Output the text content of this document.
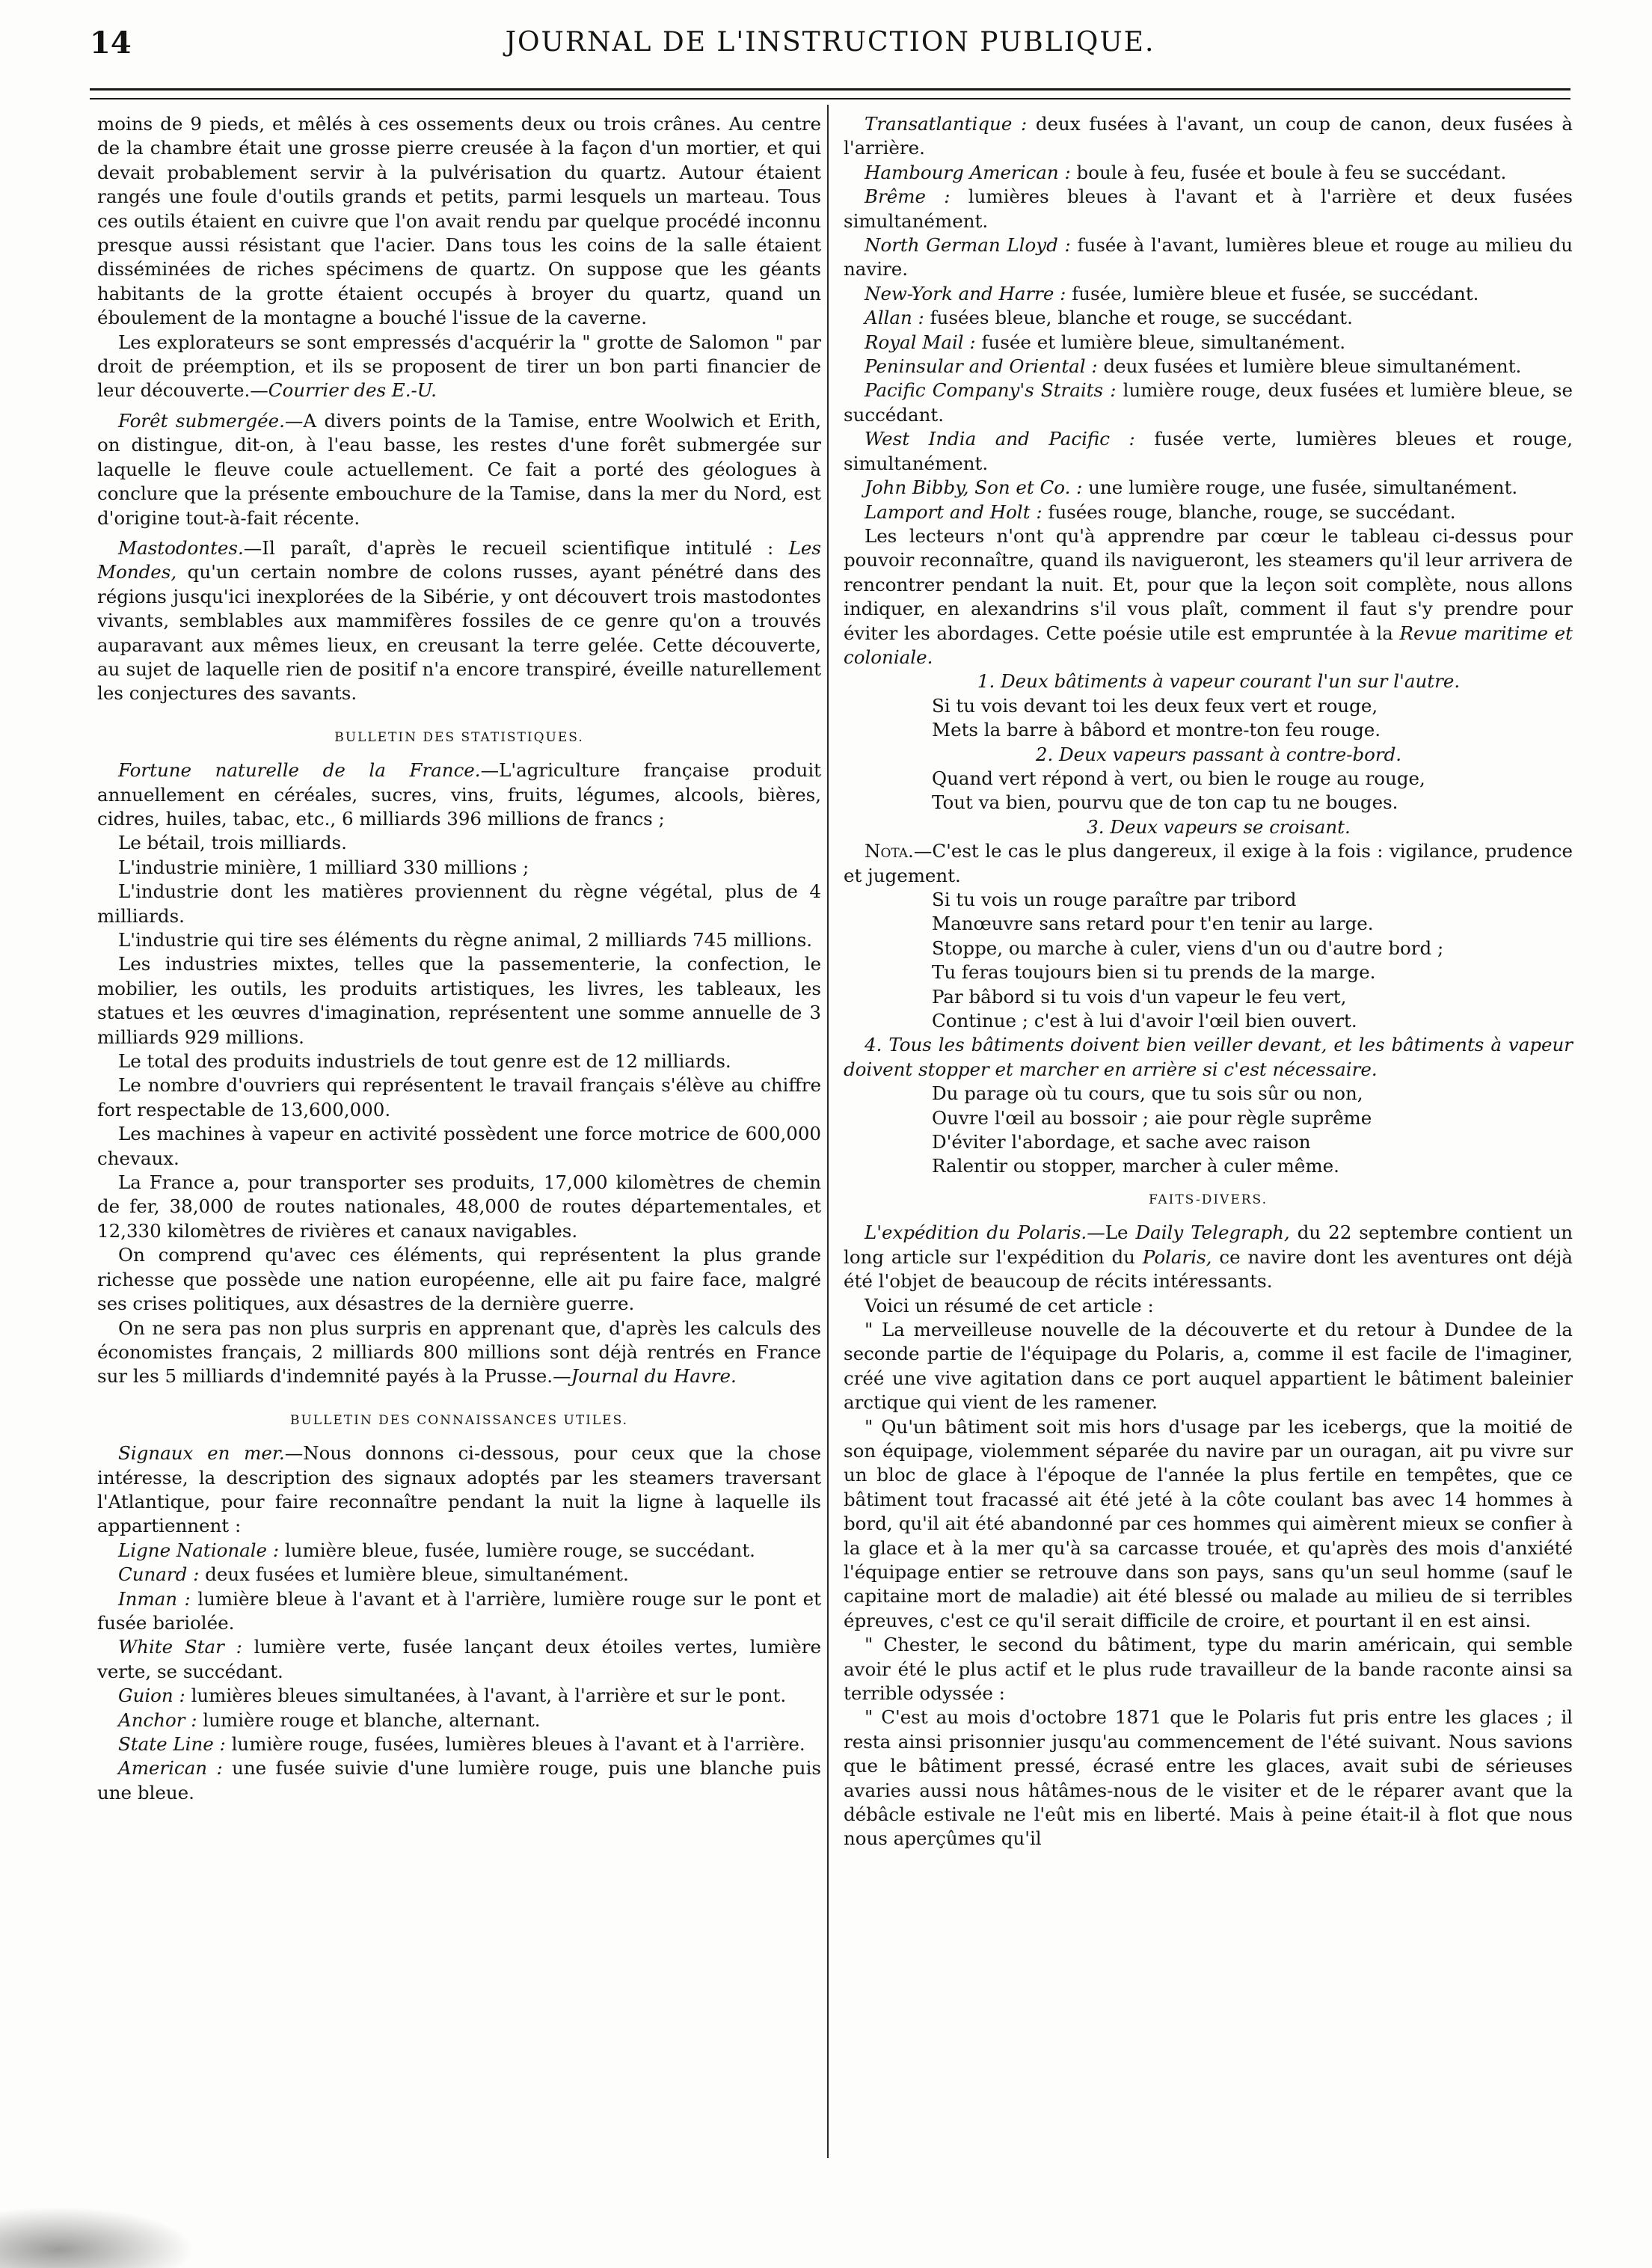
14	JOURNAL DE L'INSTRUCTION PUBLIQUE.

moins de 9 pieds, et mêlés à ces ossements deux ou trois crânes. Au centre de la chambre était une grosse pierre creusée à la façon d'un mortier, et qui devait probablement servir à la pulvérisation du quartz. Autour étaient rangés une foule d'outils grands et petits, parmi lesquels un marteau. Tous ces outils étaient en cuivre que l'on avait rendu par quelque procédé inconnu presque aussi résistant que l'acier. Dans tous les coins de la salle étaient disséminées de riches spécimens de quartz. On suppose que les géants habitants de la grotte étaient occupés à broyer du quartz, quand un éboulement de la montagne a bouché l'issue de la caverne.

Les explorateurs se sont empressés d'acquérir la " grotte de Salomon " par droit de préemption, et ils se proposent de tirer un bon parti financier de leur découverte.—Courrier des E.-U.

Forêt submergée.—A divers points de la Tamise, entre Woolwich et Erith, on distingue, dit-on, à l'eau basse, les restes d'une forêt submergée sur laquelle le fleuve coule actuellement. Ce fait a porté des géologues à conclure que la présente embouchure de la Tamise, dans la mer du Nord, est d'origine tout-à-fait récente.

Mastodontes.—Il paraît, d'après le recueil scientifique intitulé : Les Mondes, qu'un certain nombre de colons russes, ayant pénétré dans des régions jusqu'ici inexplorées de la Sibérie, y ont découvert trois mastodontes vivants, semblables aux mammifères fossiles de ce genre qu'on a trouvés auparavant aux mêmes lieux, en creusant la terre gelée. Cette découverte, au sujet de laquelle rien de positif n'a encore transpiré, éveille naturellement les conjectures des savants.

BULLETIN DES STATISTIQUES.

Fortune naturelle de la France.—L'agriculture française produit annuellement en céréales, sucres, vins, fruits, légumes, alcools, bières, cidres, huiles, tabac, etc., 6 milliards 396 millions de francs ;

Le bétail, trois milliards.

L'industrie minière, 1 milliard 330 millions ;

L'industrie dont les matières proviennent du règne végétal, plus de 4 milliards.

L'industrie qui tire ses éléments du règne animal, 2 milliards 745 millions.

Les industries mixtes, telles que la passementerie, la confection, le mobilier, les outils, les produits artistiques, les livres, les tableaux, les statues et les œuvres d'imagination, représentent une somme annuelle de 3 milliards 929 millions.

Le total des produits industriels de tout genre est de 12 milliards.

Le nombre d'ouvriers qui représentent le travail français s'élève au chiffre fort respectable de 13,600,000.

Les machines à vapeur en activité possèdent une force motrice de 600,000 chevaux.

La France a, pour transporter ses produits, 17,000 kilomètres de chemin de fer, 38,000 de routes nationales, 48,000 de routes départementales, et 12,330 kilomètres de rivières et canaux navigables.

On comprend qu'avec ces éléments, qui représentent la plus grande richesse que possède une nation européenne, elle ait pu faire face, malgré ses crises politiques, aux désastres de la dernière guerre.

On ne sera pas non plus surpris en apprenant que, d'après les calculs des économistes français, 2 milliards 800 millions sont déjà rentrés en France sur les 5 milliards d'indemnité payés à la Prusse.—Journal du Havre.

BULLETIN DES CONNAISSANCES UTILES.

Signaux en mer.—Nous donnons ci-dessous, pour ceux que la chose intéresse, la description des signaux adoptés par les steamers traversant l'Atlantique, pour faire reconnaître pendant la nuit la ligne à laquelle ils appartiennent :

Ligne Nationale : lumière bleue, fusée, lumière rouge, se succédant.

Cunard : deux fusées et lumière bleue, simultanément.

Inman : lumière bleue à l'avant et à l'arrière, lumière rouge sur le pont et fusée bariolée.

White Star : lumière verte, fusée lançant deux étoiles vertes, lumière verte, se succédant.

Guion : lumières bleues simultanées, à l'avant, à l'arrière et sur le pont.

Anchor : lumière rouge et blanche, alternant.

State Line : lumière rouge, fusées, lumières bleues à l'avant et à l'arrière.

American : une fusée suivie d'une lumière rouge, puis une blanche puis une bleue.

Transatlantique : deux fusées à l'avant, un coup de canon, deux fusées à l'arrière.

Hambourg American : boule à feu, fusée et boule à feu se succédant.

Brême : lumières bleues à l'avant et à l'arrière et deux fusées simultanément.

North German Lloyd : fusée à l'avant, lumières bleue et rouge au milieu du navire.

New-York and Harre : fusée, lumière bleue et fusée, se succédant.

Allan : fusées bleue, blanche et rouge, se succédant.

Royal Mail : fusée et lumière bleue, simultanément.

Peninsular and Oriental : deux fusées et lumière bleue simultanément.

Pacific Company's Straits : lumière rouge, deux fusées et lumière bleue, se succédant.

West India and Pacific : fusée verte, lumières bleues et rouge, simultanément.

John Bibby, Son et Co. : une lumière rouge, une fusée, simultanément.

Lamport and Holt : fusées rouge, blanche, rouge, se succédant.

Les lecteurs n'ont qu'à apprendre par cœur le tableau ci-dessus pour pouvoir reconnaître, quand ils navigueront, les steamers qu'il leur arrivera de rencontrer pendant la nuit. Et, pour que la leçon soit complète, nous allons indiquer, en alexandrins s'il vous plaît, comment il faut s'y prendre pour éviter les abordages. Cette poésie utile est empruntée à la Revue maritime et coloniale.

1. Deux bâtiments à vapeur courant l'un sur l'autre.

Si tu vois devant toi les deux feux vert et rouge,

Mets la barre à bâbord et montre-ton feu rouge.

2. Deux vapeurs passant à contre-bord.

Quand vert répond à vert, ou bien le rouge au rouge,

Tout va bien, pourvu que de ton cap tu ne bouges.

3. Deux vapeurs se croisant.

Nota.—C'est le cas le plus dangereux, il exige à la fois : vigilance, prudence et jugement.

Si tu vois un rouge paraître par tribord

Manœuvre sans retard pour t'en tenir au large.

Stoppe, ou marche à culer, viens d'un ou d'autre bord ;

Tu feras toujours bien si tu prends de la marge.

Par bâbord si tu vois d'un vapeur le feu vert,

Continue ; c'est à lui d'avoir l'œil bien ouvert.

4. Tous les bâtiments doivent bien veiller devant, et les bâtiments à vapeur doivent stopper et marcher en arrière si c'est nécessaire.

Du parage où tu cours, que tu sois sûr ou non,

Ouvre l'œil au bossoir ; aie pour règle suprême

D'éviter l'abordage, et sache avec raison

Ralentir ou stopper, marcher à culer même.

FAITS-DIVERS.

L'expédition du Polaris.—Le Daily Telegraph, du 22 septembre contient un long article sur l'expédition du Polaris, ce navire dont les aventures ont déjà été l'objet de beaucoup de récits intéressants.

Voici un résumé de cet article :

" La merveilleuse nouvelle de la découverte et du retour à Dundee de la seconde partie de l'équipage du Polaris, a, comme il est facile de l'imaginer, créé une vive agitation dans ce port auquel appartient le bâtiment baleinier arctique qui vient de les ramener.

" Qu'un bâtiment soit mis hors d'usage par les icebergs, que la moitié de son équipage, violemment séparée du navire par un ouragan, ait pu vivre sur un bloc de glace à l'époque de l'année la plus fertile en tempêtes, que ce bâtiment tout fracassé ait été jeté à la côte coulant bas avec 14 hommes à bord, qu'il ait été abandonné par ces hommes qui aimèrent mieux se confier à la glace et à la mer qu'à sa carcasse trouée, et qu'après des mois d'anxiété l'équipage entier se retrouve dans son pays, sans qu'un seul homme (sauf le capitaine mort de maladie) ait été blessé ou malade au milieu de si terribles épreuves, c'est ce qu'il serait difficile de croire, et pourtant il en est ainsi.

" Chester, le second du bâtiment, type du marin américain, qui semble avoir été le plus actif et le plus rude travailleur de la bande raconte ainsi sa terrible odyssée :

" C'est au mois d'octobre 1871 que le Polaris fut pris entre les glaces ; il resta ainsi prisonnier jusqu'au commencement de l'été suivant. Nous savions que le bâtiment pressé, écrasé entre les glaces, avait subi de sérieuses avaries aussi nous hâtâmes-nous de le visiter et de le réparer avant que la débâcle estivale ne l'eût mis en liberté. Mais à peine était-il à flot que nous nous aperçûmes qu'il
